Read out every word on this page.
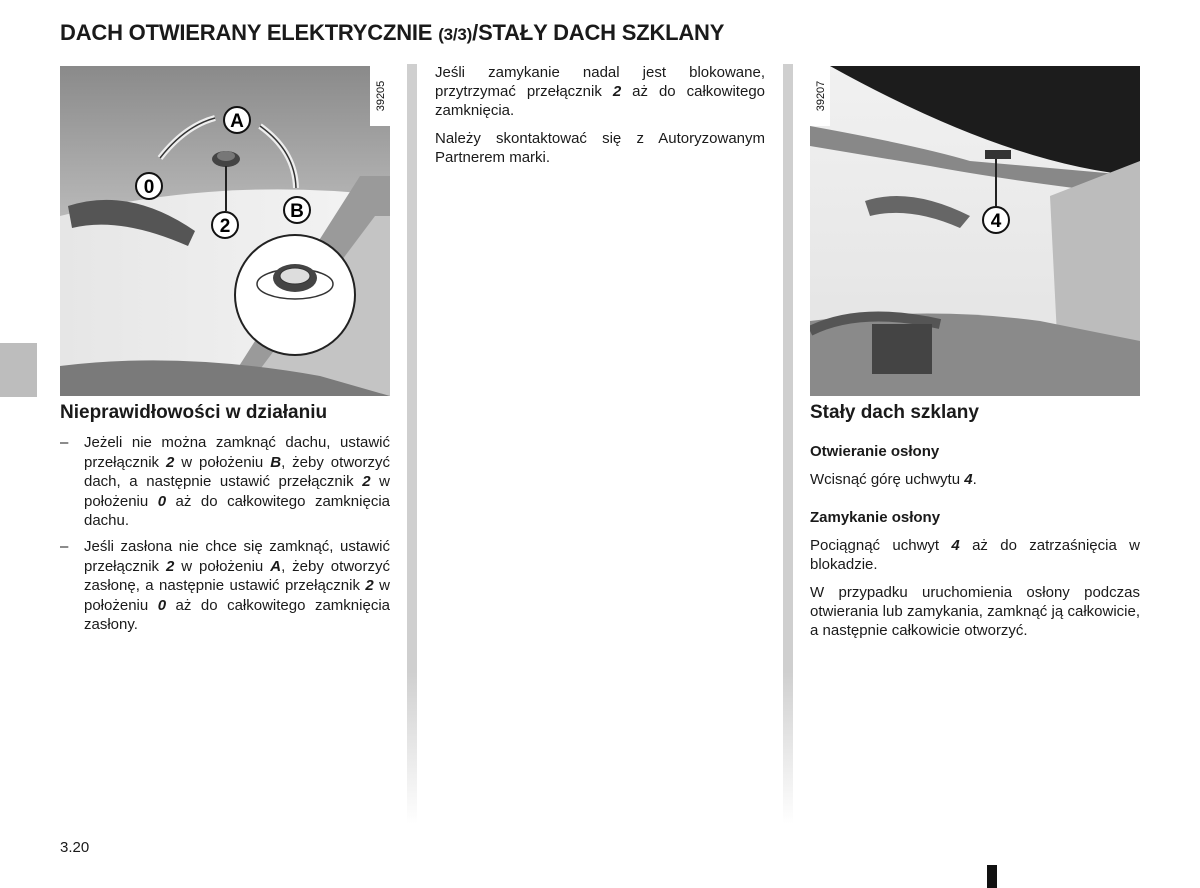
DACH OTWIERANY ELEKTRYCZNIE (3/3)/STAŁY DACH SZKLANY
39205
A
0
B
2
39207
4
Nieprawidłowości w działaniu
– Jeżeli nie można zamknąć dachu, ustawić przełącznik 2 w położeniu B, żeby otworzyć dach, a następnie ustawić przełącznik 2 w położeniu 0 aż do całkowitego zamknięcia dachu.
– Jeśli zasłona nie chce się zamknąć, ustawić przełącznik 2 w położeniu A, żeby otworzyć zasłonę, a następnie ustawić przełącznik 2 w położeniu 0 aż do całkowitego zamknięcia zasłony.
Jeśli zamykanie nadal jest blokowane, przytrzymać przełącznik 2 aż do całkowitego zamknięcia.
Należy skontaktować się z Autoryzowanym Partnerem marki.
Stały dach szklany
Otwieranie osłony
Wcisnąć górę uchwytu 4.
Zamykanie osłony
Pociągnąć uchwyt 4 aż do zatrzaśnięcia w blokadzie.
W przypadku uruchomienia osłony podczas otwierania lub zamykania, zamknąć ją całkowicie, a następnie całkowicie otworzyć.
3.20
